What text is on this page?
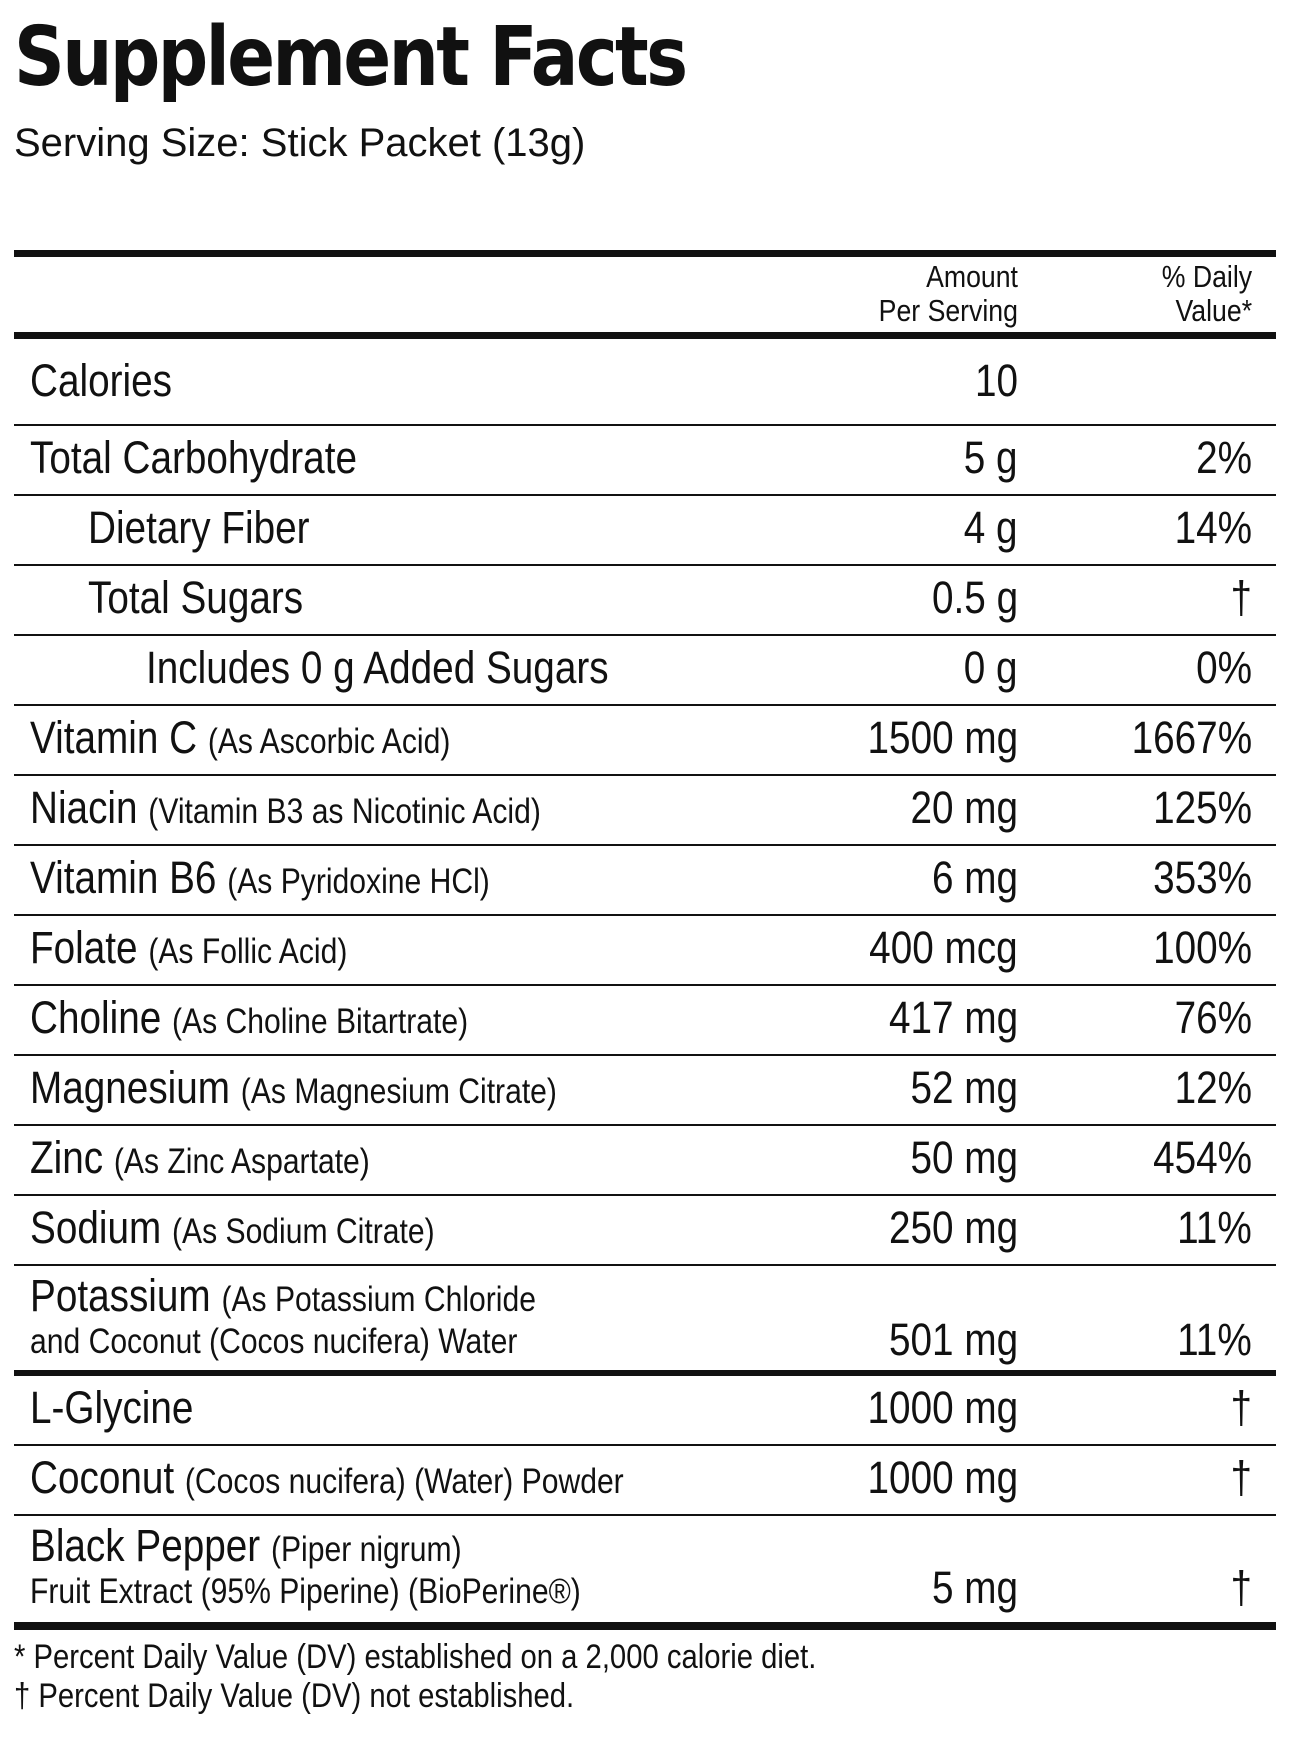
Supplement Facts
Serving Size: Stick Packet (13g)
Amount
Per Serving
% Daily
Value*
Calories	10
Total Carbohydrate	5 g	2%
Dietary Fiber	4 g	14%
Total Sugars	0.5 g	†
Includes 0 g Added Sugars	0 g	0%
Vitamin C (As Ascorbic Acid)	1500 mg	1667%
Niacin (Vitamin B3 as Nicotinic Acid)	20 mg	125%
Vitamin B6 (As Pyridoxine HCl)	6 mg	353%
Folate (As Follic Acid)	400 mcg	100%
Choline (As Choline Bitartrate)	417 mg	76%
Magnesium (As Magnesium Citrate)	52 mg	12%
Zinc (As Zinc Aspartate)	50 mg	454%
Sodium (As Sodium Citrate)	250 mg	11%
Potassium (As Potassium Chloride
and Coconut (Cocos nucifera) Water	501 mg	11%
L-Glycine	1000 mg	†
Coconut (Cocos nucifera) (Water) Powder	1000 mg	†
Black Pepper (Piper nigrum)
Fruit Extract (95% Piperine) (BioPerine®)	5 mg	†
* Percent Daily Value (DV) established on a 2,000 calorie diet.
† Percent Daily Value (DV) not established.
